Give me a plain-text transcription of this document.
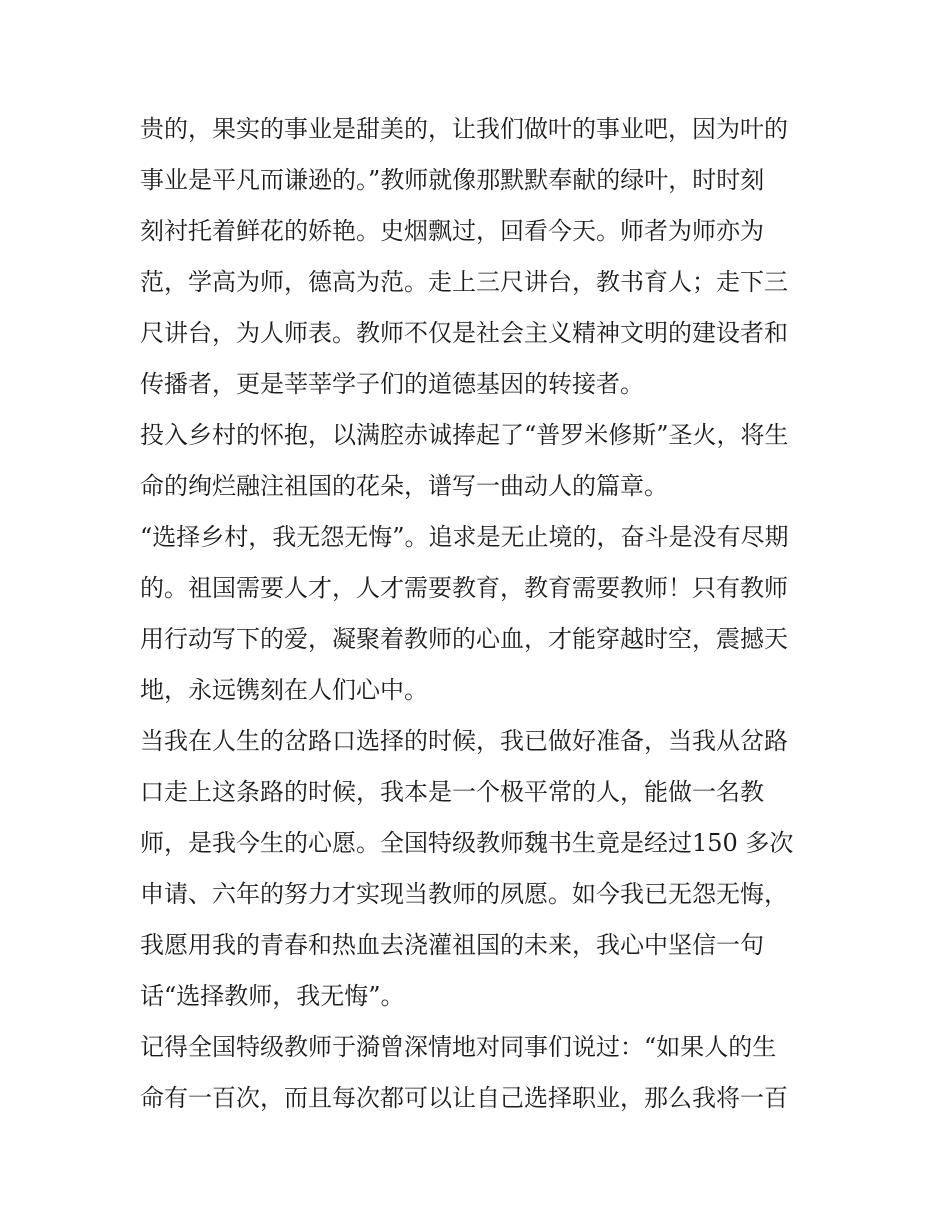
贵的，果实的事业是甜美的，让我们做叶的事业吧，因为叶的
事业是平凡而谦逊的。”教师就像那默默奉献的绿叶，时时刻
刻衬托着鲜花的娇艳。史烟飘过，回看今天。师者为师亦为
范，学高为师，德高为范。走上三尺讲台，教书育人；走下三
尺讲台，为人师表。教师不仅是社会主义精神文明的建设者和
传播者，更是莘莘学子们的道德基因的转接者。

投入乡村的怀抱，以满腔赤诚捧起了“普罗米修斯”圣火，将生
命的绚烂融注祖国的花朵，谱写一曲动人的篇章。

“选择乡村，我无怨无悔”。追求是无止境的，奋斗是没有尽期
的。祖国需要人才，人才需要教育，教育需要教师！只有教师
用行动写下的爱，凝聚着教师的心血，才能穿越时空，震撼天
地，永远镌刻在人们心中。

当我在人生的岔路口选择的时候，我已做好准备，当我从岔路
口走上这条路的时候，我本是一个极平常的人，能做一名教
师，是我今生的心愿。全国特级教师魏书生竟是经过150 多次
申请、六年的努力才实现当教师的夙愿。如今我已无怨无悔，
我愿用我的青春和热血去浇灌祖国的未来，我心中坚信一句
话“选择教师，我无悔”。

记得全国特级教师于漪曾深情地对同事们说过：“如果人的生
命有一百次，而且每次都可以让自己选择职业，那么我将一百
